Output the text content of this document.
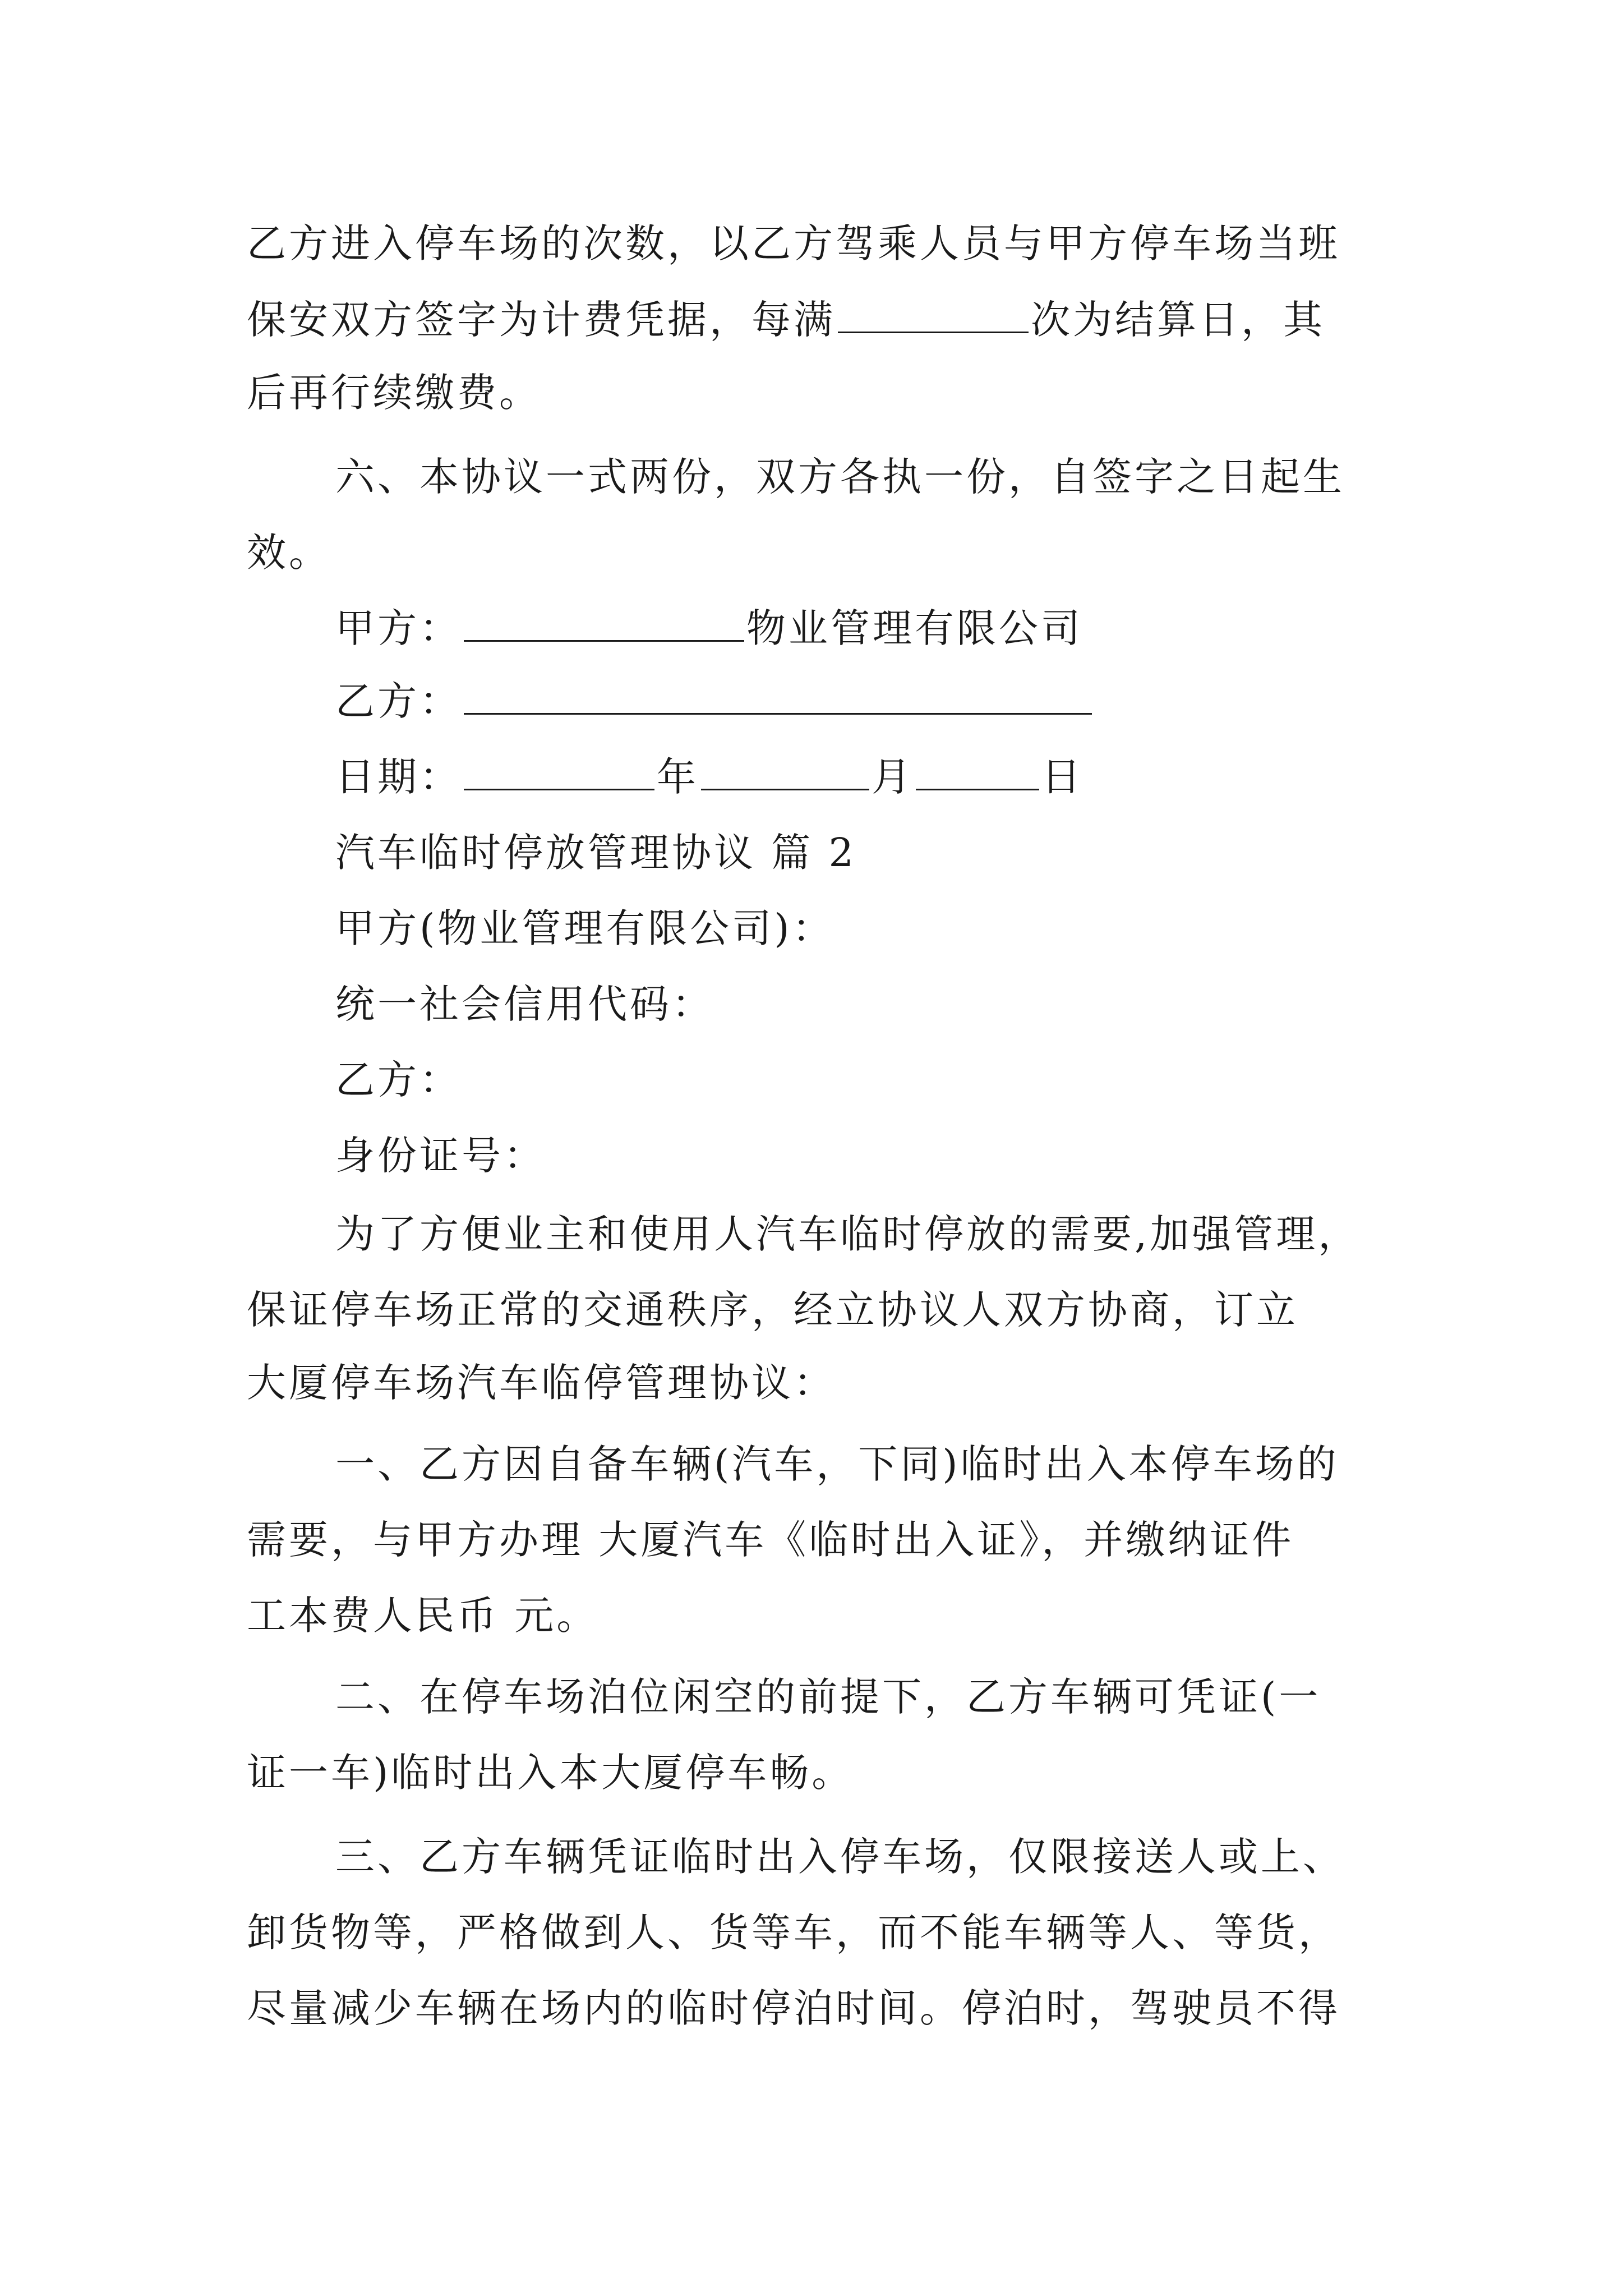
乙方进入停车场的次数，以乙方驾乘人员与甲方停车场当班
保安双方签字为计费凭据，每满	次为结算日，其
后再行续缴费。
六、本协议一式两份，双方各执一份，自签字之日起生
效。
甲方：	物业管理有限公司
乙方：
日期：	年	月	日
汽车临时停放管理协议 篇 2
甲方(物业管理有限公司)：
统一社会信用代码：
乙方：
身份证号：
为了方便业主和使用人汽车临时停放的需要,加强管理，
保证停车场正常的交通秩序，经立协议人双方协商，订立
大厦停车场汽车临停管理协议：
一、乙方因自备车辆(汽车，下同)临时出入本停车场的
需要，与甲方办理 大厦汽车《临时出入证》，并缴纳证件
工本费人民币 元。
二、在停车场泊位闲空的前提下，乙方车辆可凭证(一
证一车)临时出入本大厦停车畅。
三、乙方车辆凭证临时出入停车场，仅限接送人或上、
卸货物等，严格做到人、货等车，而不能车辆等人、等货，
尽量减少车辆在场内的临时停泊时间。停泊时，驾驶员不得
